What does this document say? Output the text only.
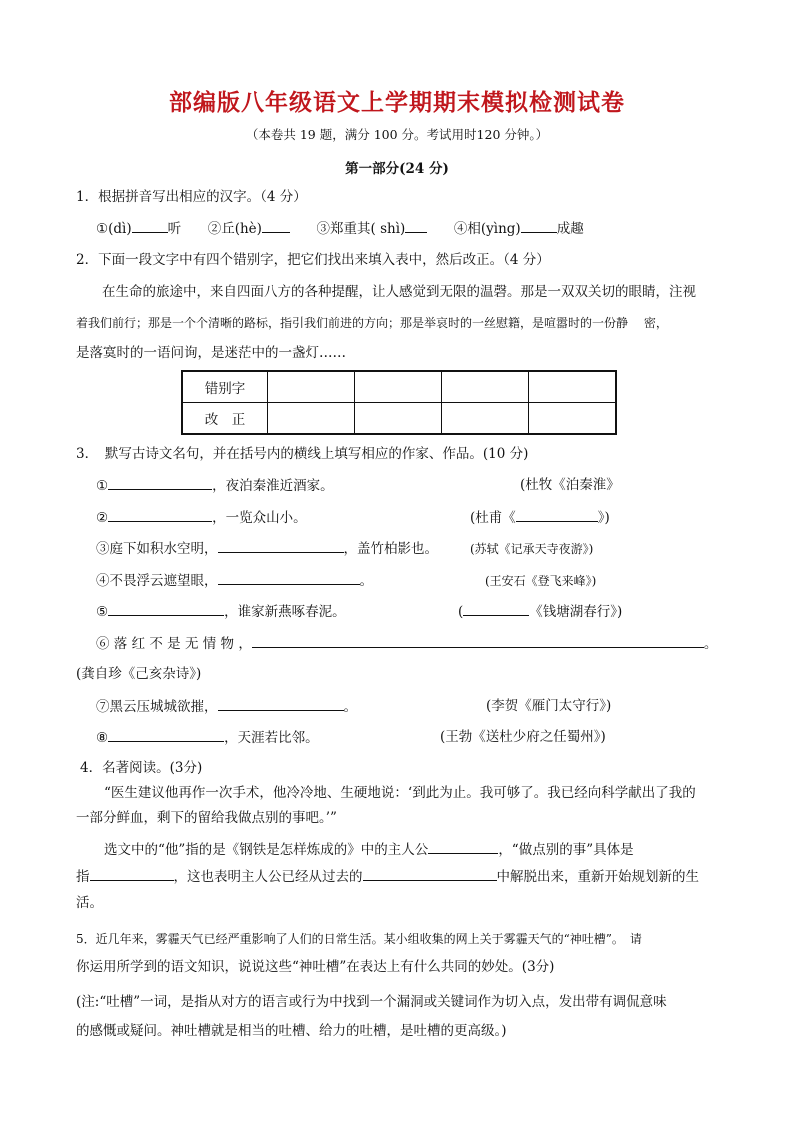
部编版八年级语文上学期期末模拟检测试卷
（本卷共 19 题，满分 100 分。考试用时120 分钟。）
第一部分(24 分)
1．根据拼音写出相应的汉字。（4 分）
①(dì)	听 ②丘(hè)	③郑重其( shì)	④相(yìng)	成趣
2．下面一段文字中有四个错别字，把它们找出来填入表中，然后改正。（4 分）
在生命的旅途中，来自四面八方的各种提醒，让人感觉到无限的温磬。那是一双双关切的眼睛，注视
着我们前行；那是一个个清晰的路标，指引我们前进的方向；那是举哀时的一丝慰籍，是喧嚣时的一份静　 密，
是落寞时的一语问询，是迷茫中的一盏灯……
错别字				
改　正				
3．　默写古诗文名句，并在括号内的横线上填写相应的作家、作品。(10 分)
①	，夜泊秦淮近酒家。	(杜牧《泊秦淮》
②	，一览众山小。	(杜甫《	》)
③庭下如积水空明，	，盖竹柏影也。	(苏轼《记承天寺夜游》)
④不畏浮云遮望眼，	。	(王安石《登飞来峰》)
⑤	，谁家新燕啄春泥。	(	《钱塘湖春行》)
⑥ 落 红 不 是 无 情 物 ，	。
(龚自珍《己亥杂诗》)
⑦黑云压城城欲摧，	。	(李贺《雁门太守行》)
⑧	，天涯若比邻。	(王勃《送杜少府之任蜀州》)
4．名著阅读。(3分)
“医生建议他再作一次手术，他冷冷地、生硬地说：‘到此为止。我可够了。我已经向科学献出了我的
一部分鲜血，剩下的留给我做点别的事吧。’”
选文中的“他”指的是《钢铁是怎样炼成的》中的主人公	，“做点别的事”具体是
指	，这也表明主人公已经从过去的	中解脱出来，重新开始规划新的生
活。
5．近几年来，雾霾天气已经严重影响了人们的日常生活。某小组收集的网上关于雾霾天气的“神吐槽”。　请
你运用所学到的语文知识，说说这些“神吐槽”在表达上有什么共同的妙处。(3分)
(注:“吐槽”一词，是指从对方的语言或行为中找到一个漏洞或关键词作为切入点，发出带有调侃意味
的感慨或疑问。神吐槽就是相当的吐槽、给力的吐槽，是吐槽的更高级。)
